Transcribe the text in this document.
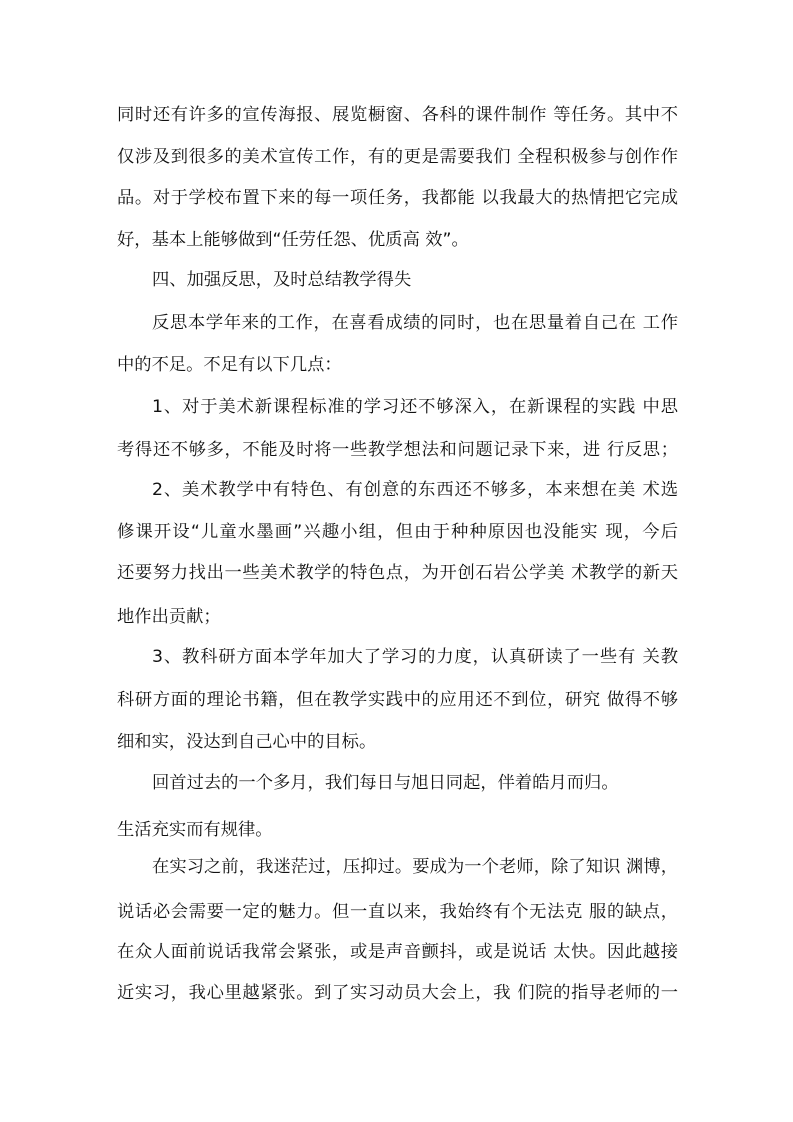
同时还有许多的宣传海报、展览橱窗、各科的课件制作 等任务。其中不
仅涉及到很多的美术宣传工作，有的更是需要我们 全程积极参与创作作
品。对于学校布置下来的每一项任务，我都能 以我最大的热情把它完成
好，基本上能够做到“任劳任怨、优质高 效”。
四、加强反思，及时总结教学得失
反思本学年来的工作，在喜看成绩的同时，也在思量着自己在 工作
中的不足。不足有以下几点：
1、对于美术新课程标准的学习还不够深入，在新课程的实践 中思
考得还不够多，不能及时将一些教学想法和问题记录下来，进 行反思；
2、美术教学中有特色、有创意的东西还不够多，本来想在美 术选
修课开设“儿童水墨画”兴趣小组，但由于种种原因也没能实 现，今后
还要努力找出一些美术教学的特色点，为开创石岩公学美 术教学的新天
地作出贡献；
3、教科研方面本学年加大了学习的力度，认真研读了一些有 关教
科研方面的理论书籍，但在教学实践中的应用还不到位，研究 做得不够
细和实，没达到自己心中的目标。
回首过去的一个多月，我们每日与旭日同起，伴着皓月而归。
生活充实而有规律。
在实习之前，我迷茫过，压抑过。要成为一个老师，除了知识 渊博，
说话必会需要一定的魅力。但一直以来，我始终有个无法克 服的缺点，
在众人面前说话我常会紧张，或是声音颤抖，或是说话 太快。因此越接
近实习，我心里越紧张。到了实习动员大会上，我 们院的指导老师的一
